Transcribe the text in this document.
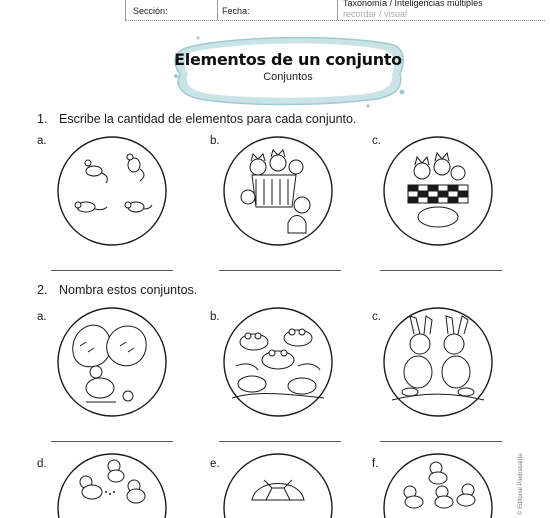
Sección:	Fecha:
Taxonomía / Inteligencias múltiples
recordar / visual
Elementos de un conjunto
Conjuntos
1. Escribe la cantidad de elementos para cada conjunto.
a.	b.	c.
2. Nombra estos conjuntos.
a.	b.	c.
d.	e.	f.	© Editorial Piedrasanta
